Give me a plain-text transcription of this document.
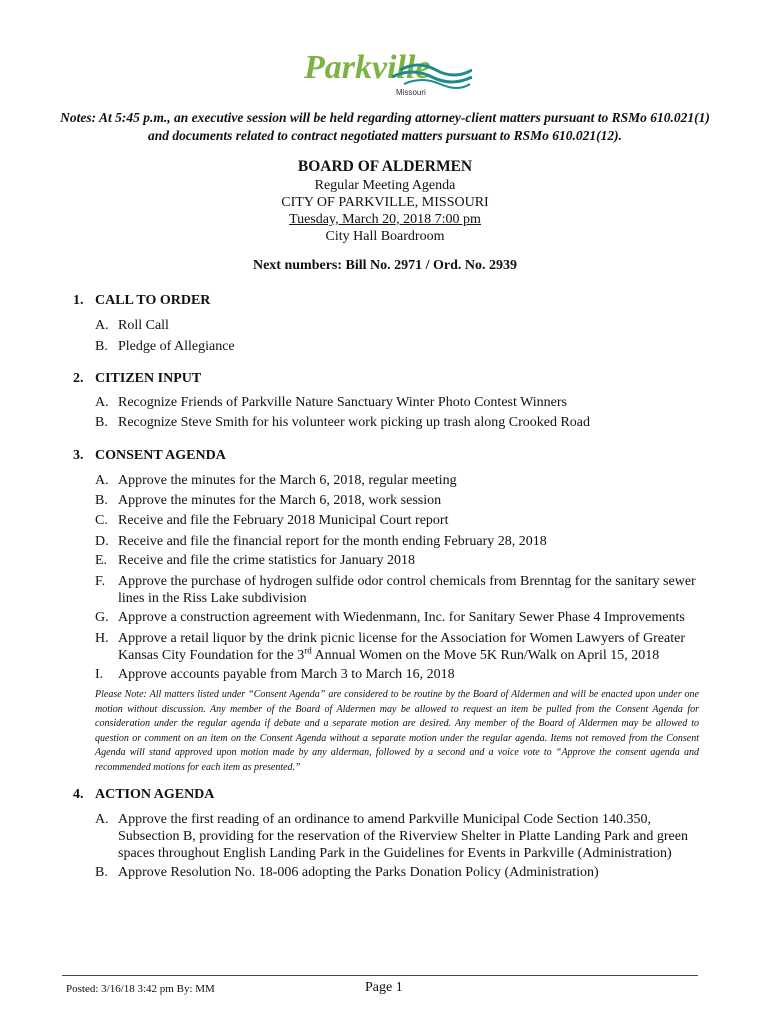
Parkville
Missouri
Notes: At 5:45 p.m., an executive session will be held regarding attorney-client matters pursuant to RSMo 610.021(1) and documents related to contract negotiated matters pursuant to RSMo 610.021(12).
BOARD OF ALDERMEN
Regular Meeting Agenda
CITY OF PARKVILLE, MISSOURI
Tuesday, March 20, 2018 7:00 pm
City Hall Boardroom
Next numbers: Bill No. 2971 / Ord. No. 2939
1. CALL TO ORDER
A. Roll Call
B. Pledge of Allegiance
2. CITIZEN INPUT
A. Recognize Friends of Parkville Nature Sanctuary Winter Photo Contest Winners
B. Recognize Steve Smith for his volunteer work picking up trash along Crooked Road
3. CONSENT AGENDA
A. Approve the minutes for the March 6, 2018, regular meeting
B. Approve the minutes for the March 6, 2018, work session
C. Receive and file the February 2018 Municipal Court report
D. Receive and file the financial report for the month ending February 28, 2018
E. Receive and file the crime statistics for January 2018
F. Approve the purchase of hydrogen sulfide odor control chemicals from Brenntag for the sanitary sewer lines in the Riss Lake subdivision
G. Approve a construction agreement with Wiedenmann, Inc. for Sanitary Sewer Phase 4 Improvements
H. Approve a retail liquor by the drink picnic license for the Association for Women Lawyers of Greater Kansas City Foundation for the 3rd Annual Women on the Move 5K Run/Walk on April 15, 2018
I. Approve accounts payable from March 3 to March 16, 2018
Please Note: All matters listed under “Consent Agenda” are considered to be routine by the Board of Aldermen and will be enacted upon under one motion without discussion. Any member of the Board of Aldermen may be allowed to request an item be pulled from the Consent Agenda for consideration under the regular agenda if debate and a separate motion are desired. Any member of the Board of Aldermen may be allowed to question or comment on an item on the Consent Agenda without a separate motion under the regular agenda. Items not removed from the Consent Agenda will stand approved upon motion made by any alderman, followed by a second and a voice vote to “Approve the consent agenda and recommended motions for each item as presented.”
4. ACTION AGENDA
A. Approve the first reading of an ordinance to amend Parkville Municipal Code Section 140.350, Subsection B, providing for the reservation of the Riverview Shelter in Platte Landing Park and green spaces throughout English Landing Park in the Guidelines for Events in Parkville (Administration)
B. Approve Resolution No. 18-006 adopting the Parks Donation Policy (Administration)
Posted: 3/16/18 3:42 pm By: MM	Page 1
